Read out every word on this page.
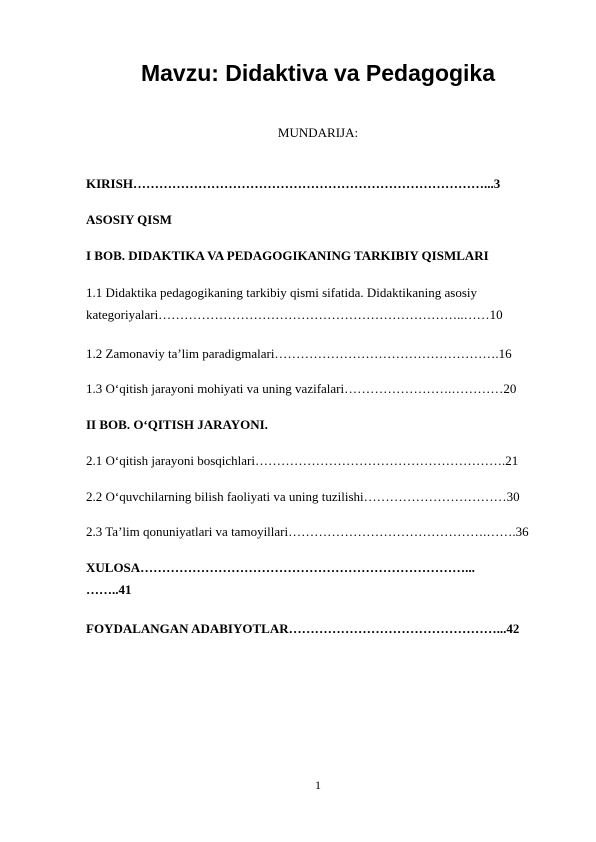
Mavzu: Didaktiva va Pedagogika
MUNDARIJA:
KIRISH………………………………………………………………………...3
ASOSIY QISM
I BOB. DIDAKTIKA VA PEDAGOGIKANING TARKIBIY QISMLARI
1.1 Didaktika pedagogikaning tarkibiy qismi sifatida. Didaktikaning asosiy kategoriyalari……………………………………………………………..……10
1.2 Zamonaviy ta’lim paradigmalari…………………………………………….16
1.3 O‘qitish jarayoni mohiyati va uning vazifalari…………………….…………20
II BOB. O‘QITISH JARAYONI.
2.1 O‘qitish jarayoni bosqichlari………………………………………………….21
2.2 O‘quvchilarning bilish faoliyati va uning tuzilishi……………………………30
2.3 Ta’lim qonuniyatlari va tamoyillari……………………………………….…….36
XULOSA…………………………………………………………………... ……..41
FOYDALANGAN ADABIYOTLAR…………………………………………...42
1
